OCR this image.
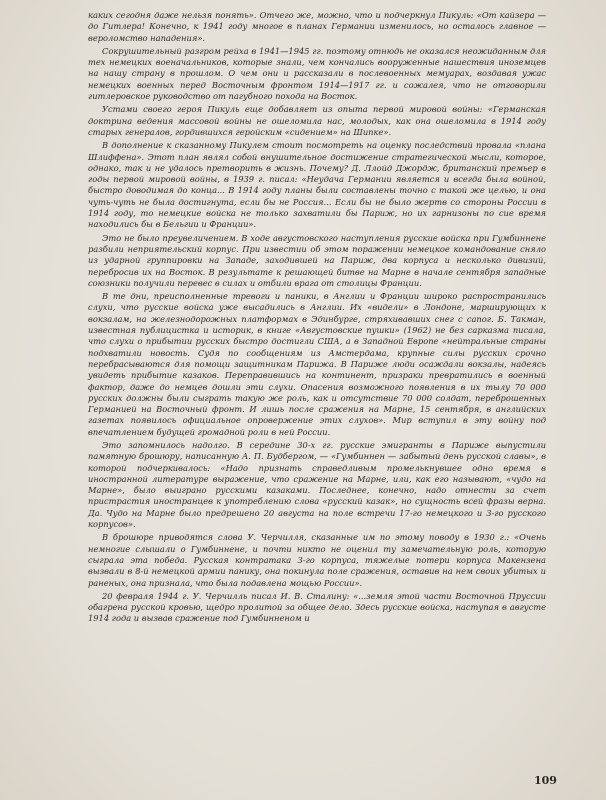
каких сегодня даже нельзя понять». Отчего же, можно, что и подчеркнул Пикуль: «От кайзера — до Гитлера! Конечно, к 1941 году многое в планах Германии изменилось, но осталось главное — вероломство нападения».

Сокрушительный разгром рейха в 1941—1945 гг. поэтому отнюдь не оказался неожиданным для тех немецких военачальников, которые знали, чем кончались вооруженные нашествия иноземцев на нашу страну в прошлом. О чем они и рассказали в послевоенных мемуарах, воздавая ужас немецких военных перед Восточным фронтом 1914—1917 гг. и сожалея, что не отговорили гитлеровское руководство от пагубного похода на Восток.

Устами своего героя Пикуль еще добавляет из опыта первой мировой войны: «Германская доктрина ведения массовой войны не ошеломила нас, молодых, как она ошеломила в 1914 году старых генералов, гордившихся геройским «сидением» на Шипке».

В дополнение к сказанному Пикулем стоит посмотреть на оценку последствий провала «плана Шлиффена». Этот план являл собой внушительное достижение стратегической мысли, которое, однако, так и не удалось претворить в жизнь. Почему? Д. Ллойд Джордж, британский премьер в годы первой мировой войны, в 1939 г. писал: «Неудача Германии является и всегда была войной, быстро доводимая до конца... В 1914 году планы были составлены точно с такой же целью, и она чуть-чуть не была достигнута, если бы не Россия... Если бы не было жертв со стороны России в 1914 году, то немецкие войска не только захватили бы Париж, но их гарнизоны по сие время находились бы в Бельгии и Франции».

Это не было преувеличением. В ходе августовского наступления русские войска при Гумбиннене разбили неприятельский корпус. При известии об этом поражении немецкое командование сняло из ударной группировки на Западе, заходившей на Париж, два корпуса и несколько дивизий, перебросив их на Восток. В результате к решающей битве на Марне в начале сентября западные союзники получили перевес в силах и отбили врага от столицы Франции.

В те дни, преисполненные тревоги и паники, в Англии и Франции широко распространились слухи, что русские войска уже высадились в Англии. Их «видели» в Лондоне, марширующих к вокзалам, на железнодорожных платформах в Эдинбурге, стряхивавших снег с сапог. Б. Такман, известная публицистка и историк, в книге «Августовские пушки» (1962) не без сарказма писала, что слухи о прибытии русских быстро достигли США, а в Западной Европе «нейтральные страны подхватили новость. Судя по сообщениям из Амстердама, крупные силы русских срочно перебрасываются для помощи защитникам Парижа. В Париже люди осаждали вокзалы, надеясь увидеть прибытие казаков. Переправившись на континент, призраки превратились в военный фактор, даже до немцев дошли эти слухи. Опасения возможного появления в их тылу 70 000 русских должны были сыграть такую же роль, как и отсутствие 70 000 солдат, переброшенных Германией на Восточный фронт. И лишь после сражения на Марне, 15 сентября, в английских газетах появилось официальное опровержение этих слухов». Мир вступил в эту войну под впечатлением будущей громадной роли в ней России.

Это запомнилось надолго. В середине 30-х гг. русские эмигранты в Париже выпустили памятную брошюру, написанную А. П. Будбергом, — «Гумбиннен — забытый день русской славы», в которой подчеркивалось: «Надо признать справедливым промелькнувшее одно время в иностранной литературе выражение, что сражение на Марне, или, как его называют, «чудо на Марне», было выиграно русскими казаками. Последнее, конечно, надо отнести за счет пристрастия иностранцев к употреблению слова «русский казак», но сущность всей фразы верна. Да. Чудо на Марне было предрешено 20 августа на поле встречи 17-го немецкого и 3-го русского корпусов».

В брошюре приводятся слова У. Черчилля, сказанные им по этому поводу в 1930 г.: «Очень немногие слышали о Гумбиннене, и почти никто не оценил ту замечательную роль, которую сыграла эта победа. Русская контратака 3-го корпуса, тяжелые потери корпуса Макензена вызвали в 8-й немецкой армии панику, она покинула поле сражения, оставив на нем своих убитых и раненых, она признала, что была подавлена мощью России».

20 февраля 1944 г. У. Черчилль писал И. В. Сталину: «...земля этой части Восточной Пруссии обагрена русской кровью, щедро пролитой за общее дело. Здесь русские войска, наступая в августе 1914 года и вызвав сражение под Гумбинненом и

109
